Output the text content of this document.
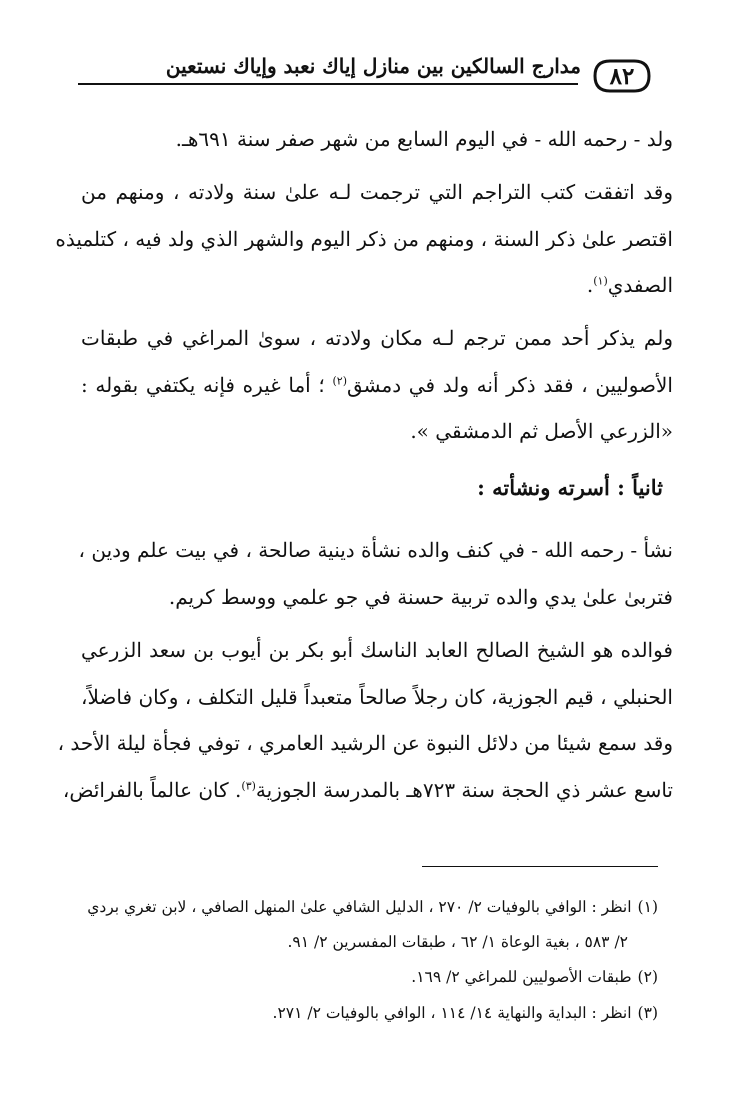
مدارج السالكين بين منازل إياك نعبد وإياك نستعين ٨٢
ولد - رحمه الله - في اليوم السابع من شهر صفر سنة ٦٩١هـ.
وقد اتفقت كتب التراجم التي ترجمت لـه علىٰ سنة ولادته ، ومنهم من
اقتصر علىٰ ذكر السنة ، ومنهم من ذكر اليوم والشهر الذي ولد فيه ، كتلميذه
الصفدي$^{(١)}$.
ولم يذكر أحد ممن ترجم لـه مكان ولادته ، سوىٰ المراغي في طبقات
الأصوليين ، فقد ذكر أنه ولد في دمشق$^{(٢)}$ ؛ أما غيره فإنه يكتفي بقوله :
«الزرعي الأصل ثم الدمشقي ».
ثانياً : أسرته ونشأته :
نشأ - رحمه الله - في كنف والده نشأة دينية صالحة ، في بيت علم ودين ،
فتربىٰ علىٰ يدي والده تربية حسنة في جو علمي ووسط كريم.
فوالده هو الشيخ الصالح العابد الناسك أبو بكر بن أيوب بن سعد الزرعي
الحنبلي ، قيم الجوزية، كان رجلاً صالحاً متعبداً قليل التكلف ، وكان فاضلاً،
وقد سمع شيئا من دلائل النبوة عن الرشيد العامري ، توفي فجأة ليلة الأحد ،
تاسع عشر ذي الحجة سنة ٧٢٣هـ بالمدرسة الجوزية$^{(٣)}$. كان عالماً بالفرائض،
(١)انظر : الوافي بالوفيات ٢/ ٢٧٠ ، الدليل الشافي علىٰ المنهل الصافي ، لابن تغري بردي
٢/ ٥٨٣ ، بغية الوعاة ١/ ٦٢ ، طبقات المفسرين ٢/ ٩١.
(٢)طبقات الأصوليين للمراغي ٢/ ١٦٩.
(٣)انظر : البداية والنهاية ١٤/ ١١٤ ، الوافي بالوفيات ٢/ ٢٧١.
